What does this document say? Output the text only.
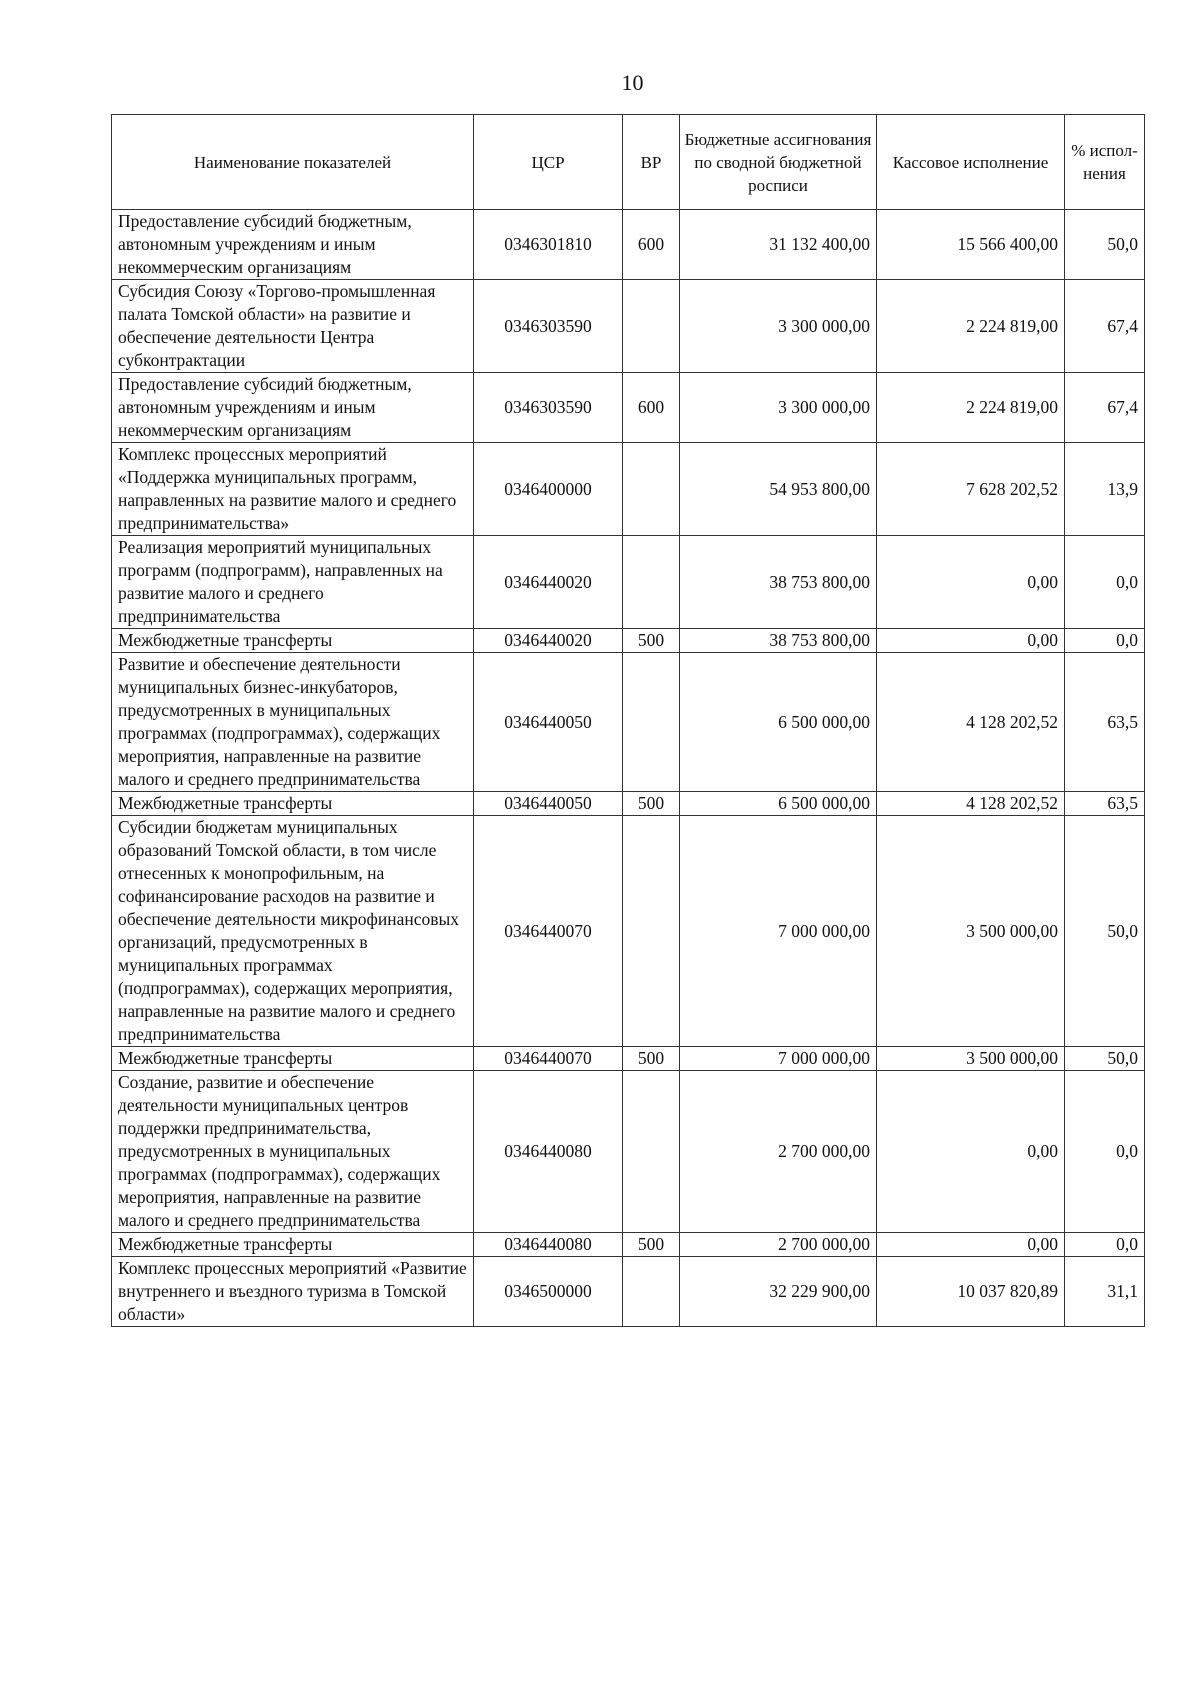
10
Наименование показателей	ЦСР	ВР	Бюджетные ассигнования по сводной бюджетной росписи	Кассовое исполнение	% испол-нения
Предоставление субсидий бюджетным, автономным учреждениям и иным некоммерческим организациям	0346301810	600	31 132 400,00	15 566 400,00	50,0
Субсидия Союзу «Торгово-промышленная палата Томской области» на развитие и обеспечение деятельности Центра субконтрактации	0346303590		3 300 000,00	2 224 819,00	67,4
Предоставление субсидий бюджетным, автономным учреждениям и иным некоммерческим организациям	0346303590	600	3 300 000,00	2 224 819,00	67,4
Комплекс процессных мероприятий «Поддержка муниципальных программ, направленных на развитие малого и среднего предпринимательства»	0346400000		54 953 800,00	7 628 202,52	13,9
Реализация мероприятий муниципальных программ (подпрограмм), направленных на развитие малого и среднего предпринимательства	0346440020		38 753 800,00	0,00	0,0
Межбюджетные трансферты	0346440020	500	38 753 800,00	0,00	0,0
Развитие и обеспечение деятельности муниципальных бизнес-инкубаторов, предусмотренных в муниципальных программах (подпрограммах), содержащих мероприятия, направленные на развитие малого и среднего предпринимательства	0346440050		6 500 000,00	4 128 202,52	63,5
Межбюджетные трансферты	0346440050	500	6 500 000,00	4 128 202,52	63,5
Субсидии бюджетам муниципальных образований Томской области, в том числе отнесенных к монопрофильным, на софинансирование расходов на развитие и обеспечение деятельности микрофинансовых организаций, предусмотренных в муниципальных программах (подпрограммах), содержащих мероприятия, направленные на развитие малого и среднего предпринимательства	0346440070		7 000 000,00	3 500 000,00	50,0
Межбюджетные трансферты	0346440070	500	7 000 000,00	3 500 000,00	50,0
Создание, развитие и обеспечение деятельности муниципальных центров поддержки предпринимательства, предусмотренных в муниципальных программах (подпрограммах), содержащих мероприятия, направленные на развитие малого и среднего предпринимательства	0346440080		2 700 000,00	0,00	0,0
Межбюджетные трансферты	0346440080	500	2 700 000,00	0,00	0,0
Комплекс процессных мероприятий «Развитие внутреннего и въездного туризма в Томской области»	0346500000		32 229 900,00	10 037 820,89	31,1
